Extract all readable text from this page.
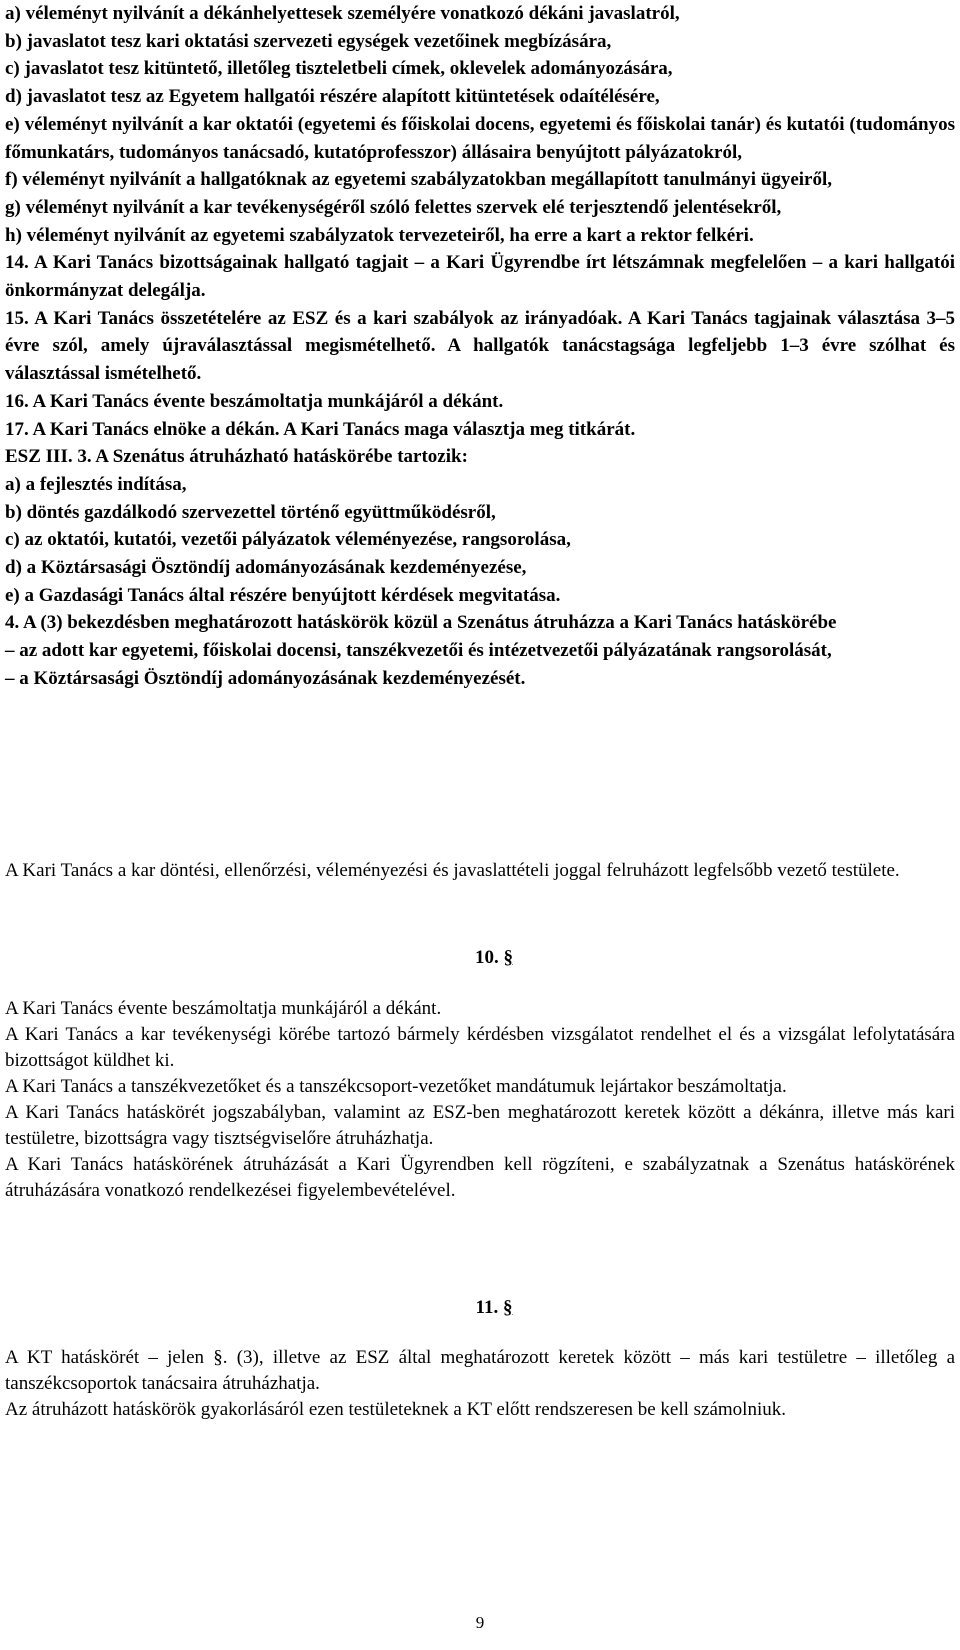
a) véleményt nyilvánít a dékánhelyettesek személyére vonatkozó dékáni javaslatról,
b) javaslatot tesz kari oktatási szervezeti egységek vezetőinek megbízására,
c) javaslatot tesz kitüntető, illetőleg tiszteletbeli címek, oklevelek adományozására,
d) javaslatot tesz az Egyetem hallgatói részére alapított kitüntetések odaítélésére,
e) véleményt nyilvánít a kar oktatói (egyetemi és főiskolai docens, egyetemi és főiskolai tanár) és kutatói (tudományos főmunkatárs, tudományos tanácsadó, kutatóprofesszor) állásaira benyújtott pályázatokról,
f) véleményt nyilvánít a hallgatóknak az egyetemi szabályzatokban megállapított tanulmányi ügyeiről,
g) véleményt nyilvánít a kar tevékenységéről szóló felettes szervek elé terjesztendő jelentésekről,
h) véleményt nyilvánít az egyetemi szabályzatok tervezeteiről, ha erre a kart a rektor felkéri.
14. A Kari Tanács bizottságainak hallgató tagjait – a Kari Ügyrendbe írt létszámnak megfelelően – a kari hallgatói önkormányzat delegálja.
15. A Kari Tanács összetételére az ESZ és a kari szabályok az irányadóak. A Kari Tanács tagjainak választása 3–5 évre szól, amely újraválasztással megismételhető. A hallgatók tanácstagsága legfeljebb 1–3 évre szólhat és választással ismételhető.
16. A Kari Tanács évente beszámoltatja munkájáról a dékánt.
17. A Kari Tanács elnöke a dékán. A Kari Tanács maga választja meg titkárát.
ESZ III. 3. A Szenátus átruházható hatáskörébe tartozik:
a) a fejlesztés indítása,
b) döntés gazdálkodó szervezettel történő együttműködésről,
c) az oktatói, kutatói, vezetői pályázatok véleményezése, rangsorolása,
d) a Köztársasági Ösztöndíj adományozásának kezdeményezése,
e) a Gazdasági Tanács által részére benyújtott kérdések megvitatása.
4. A (3) bekezdésben meghatározott hatáskörök közül a Szenátus átruházza a Kari Tanács hatáskörébe
– az adott kar egyetemi, főiskolai docensi, tanszékvezetői és intézetvezetői pályázatának rangsorolását,
– a Köztársasági Ösztöndíj adományozásának kezdeményezését.

A Kari Tanács a kar döntési, ellenőrzési, véleményezési és javaslattételi joggal felruházott legfelsőbb vezető testülete.

10. §

A Kari Tanács évente beszámoltatja munkájáról a dékánt.
A Kari Tanács a kar tevékenységi körébe tartozó bármely kérdésben vizsgálatot rendelhet el és a vizsgálat lefolytatására bizottságot küldhet ki.
A Kari Tanács a tanszékvezetőket és a tanszékcsoport-vezetőket mandátumuk lejártakor beszámoltatja.
A Kari Tanács hatáskörét jogszabályban, valamint az ESZ-ben meghatározott keretek között a dékánra, illetve más kari testületre, bizottságra vagy tisztségviselőre átruházhatja.
A Kari Tanács hatáskörének átruházását a Kari Ügyrendben kell rögzíteni, e szabályzatnak a Szenátus hatáskörének átruházására vonatkozó rendelkezései figyelembevételével.

11. §

A KT hatáskörét – jelen §. (3), illetve az ESZ által meghatározott keretek között – más kari testületre – illetőleg a tanszékcsoportok tanácsaira átruházhatja.
Az átruházott hatáskörök gyakorlásáról ezen testületeknek a KT előtt rendszeresen be kell számolniuk.

9
